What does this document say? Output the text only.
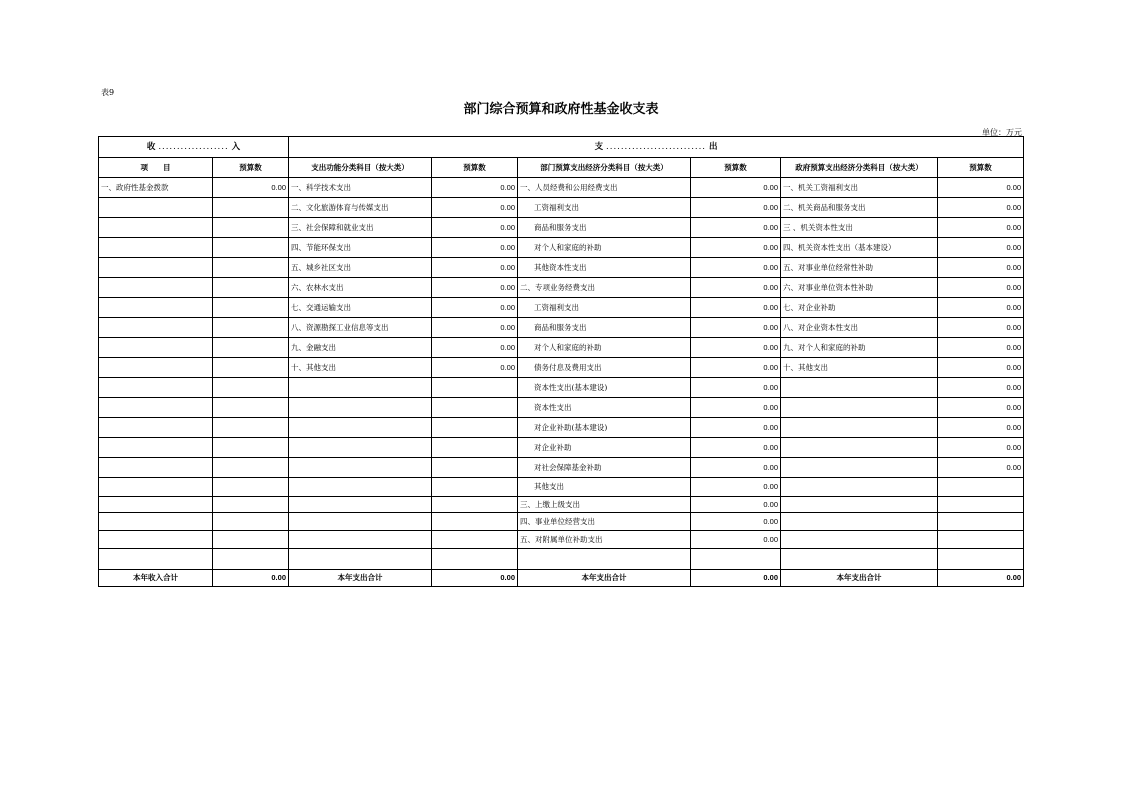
表9
部门综合预算和政府性基金收支表
单位：万元
收 ................... 入		支 ........................... 出					
项　　目	预算数	支出功能分类科目（按大类）	预算数	部门预算支出经济分类科目（按大类）	预算数	政府预算支出经济分类科目（按大类）	预算数
一、政府性基金拨款	0.00	一、科学技术支出	0.00	一、人员经费和公用经费支出	0.00	一、机关工资福利支出	0.00
		二、文化旅游体育与传媒支出	0.00	工资福利支出	0.00	二、机关商品和服务支出	0.00
		三、社会保障和就业支出	0.00	商品和服务支出	0.00	三 、机关资本性支出	0.00
		四、节能环保支出	0.00	对个人和家庭的补助	0.00	四、机关资本性支出（基本建设）	0.00
		五、城乡社区支出	0.00	其他资本性支出	0.00	五、对事业单位经常性补助	0.00
		六、农林水支出	0.00	二、专项业务经费支出	0.00	六、对事业单位资本性补助	0.00
		七、交通运输支出	0.00	工资福利支出	0.00	七、对企业补助	0.00
		八、资源勘探工业信息等支出	0.00	商品和服务支出	0.00	八、对企业资本性支出	0.00
		九、金融支出	0.00	对个人和家庭的补助	0.00	九、对个人和家庭的补助	0.00
		十、其他支出	0.00	债务付息及费用支出	0.00	十、其他支出	0.00
				资本性支出(基本建设)	0.00		0.00
				资本性支出	0.00		0.00
				对企业补助(基本建设)	0.00		0.00
				对企业补助	0.00		0.00
				对社会保障基金补助	0.00		0.00
				其他支出	0.00		
				三、上缴上级支出	0.00		
				四、事业单位经营支出	0.00		
				五、对附属单位补助支出	0.00		

本年收入合计	0.00	本年支出合计	0.00	本年支出合计	0.00	本年支出合计	0.00
